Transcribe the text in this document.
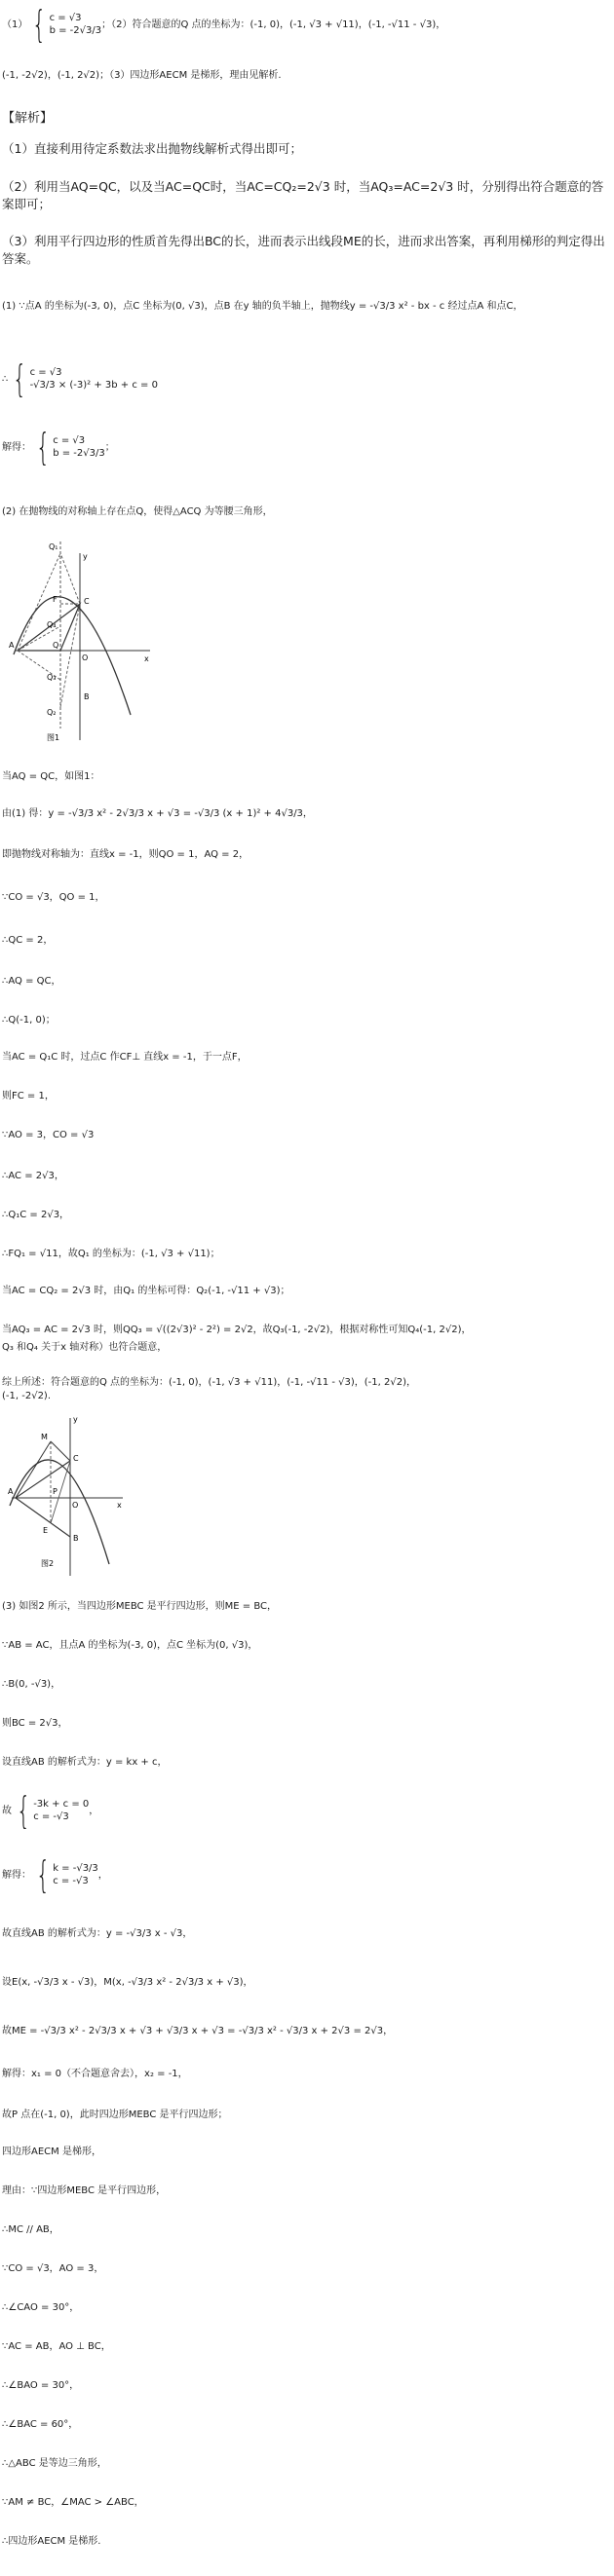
（1） { c = √3
b = -2√3/3
；（2）符合题意的Q 点的坐标为：(-1, 0)，(-1, √3 + √11)，(-1, -√11 - √3)，
(-1, -2√2)，(-1, 2√2)；（3）四边形AECM 是梯形，理由见解析.
【解析】
（1）直接利用待定系数法求出抛物线解析式得出即可；
（2）利用当AQ=QC，以及当AC=QC时，当AC=CQ₂=2√3 时，当AQ₃=AC=2√3 时，分别得出符合题意的答案即可；
（3）利用平行四边形的性质首先得出BC的长，进而表示出线段ME的长，进而求出答案，再利用梯形的判定得出答案。
(1) ∵点A 的坐标为(-3, 0)，点C 坐标为(0, √3)，点B 在y 轴的负半轴上，抛物线y = -√3/3 x² - bx - c 经过点A 和点C，
∴ { c = √3
-√3/3 × (-3)² + 3b + c = 0
解得： { c = √3
b = -2√3/3
；
(2) 在抛物线的对称轴上存在点Q，使得△ACQ 为等腰三角形，
Q₁
y
F	C
Q
A
Q₃
O	x
B
Q₄
Q₂
图1
当AQ = QC，如图1：
由(1) 得：y = -√3/3 x² - 2√3/3 x + √3 = -√3/3 (x + 1)² + 4√3/3，
即抛物线对称轴为：直线x = -1，则QO = 1，AQ = 2，
∵CO = √3，QO = 1，
∴QC = 2，
∴AQ = QC，
∴Q(-1, 0)；
当AC = Q₁C 时，过点C 作CF⊥ 直线x = -1，于一点F，
则FC = 1，
∵AO = 3，CO = √3
∴AC = 2√3，
∴Q₁C = 2√3，
∴FQ₁ = √11，故Q₁ 的坐标为：(-1, √3 + √11)；
当AC = CQ₂ = 2√3 时，由Q₁ 的坐标可得：Q₂(-1, -√11 + √3)；
当AQ₃ = AC = 2√3 时，则QQ₃ = √((2√3)² - 2²) = 2√2，故Q₃(-1, -2√2)，根据对称性可知Q₄(-1, 2√2)，
Q₃ 和Q₄ 关于x 轴对称）也符合题意，
综上所述：符合题意的Q 点的坐标为：(-1, 0)，(-1, √3 + √11)，(-1, -√11 - √3)，(-1, 2√2)，
(-1, -2√2).
y
M
C
A	P
O	x
E
B
图2
(3) 如图2 所示，当四边形MEBC 是平行四边形，则ME = BC，
∵AB = AC，且点A 的坐标为(-3, 0)，点C 坐标为(0, √3)，
∴B(0, -√3)，
则BC = 2√3，
设直线AB 的解析式为：y = kx + c，
故 { -3k + c = 0
c = -√3
，
解得： { k = -√3/3
c = -√3
，
故直线AB 的解析式为：y = -√3/3 x - √3，
设E(x, -√3/3 x - √3)，M(x, -√3/3 x² - 2√3/3 x + √3)，
故ME = -√3/3 x² - 2√3/3 x + √3 + √3/3 x + √3 = -√3/3 x² - √3/3 x + 2√3 = 2√3，
解得：x₁ = 0（不合题意舍去），x₂ = -1，
故P 点在(-1, 0)，此时四边形MEBC 是平行四边形；
四边形AECM 是梯形，
理由：∵四边形MEBC 是平行四边形，
∴MC // AB，
∵CO = √3，AO = 3，
∴∠CAO = 30°，
∵AC = AB，AO ⊥ BC，
∴∠BAO = 30°，
∴∠BAC = 60°，
∴△ABC 是等边三角形，
∵AM ≠ BC，∠MAC > ∠ABC，
∴四边形AECM 是梯形.
